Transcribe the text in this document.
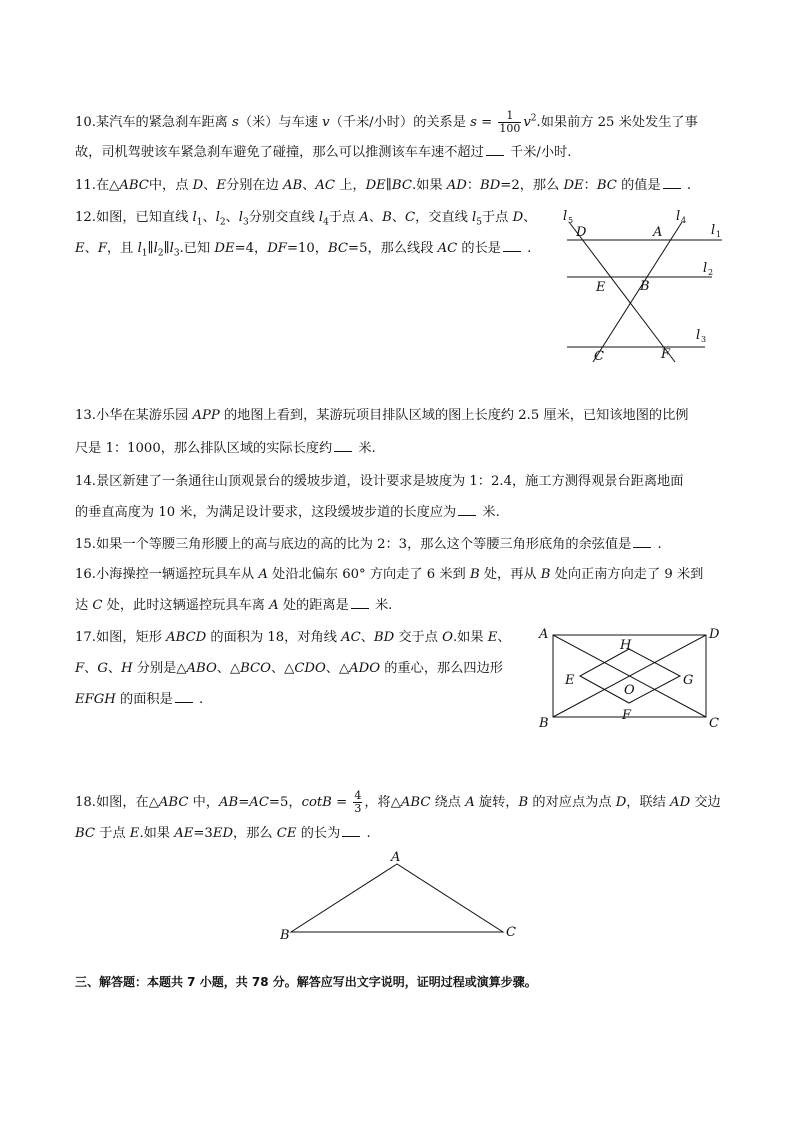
10.某汽车的紧急刹车距离 s（米）与车速 v（千米/小时）的关系是 $s = \frac{1}{100} v^2$.如果前方 25 米处发生了事
故，司机驾驶该车紧急刹车避免了碰撞，那么可以推测该车车速不超过 千米/小时.
11.在△ABC中，点 D、E分别在边 AB、AC 上，DE∥BC.如果 AD：BD=2，那么 DE：BC 的值是 .
12.如图，已知直线 $l_1$、$l_2$、$l_3$分别交直线 $l_4$于点 A、B、C，交直线 $l_5$于点 D、
E、F，且 $l_1\parallel l_2\parallel l_3$.已知 DE=4，DF=10，BC=5，那么线段 AC 的长是 .
l 5	l 4
l 1
l 2
l 3
D	A
E	B
C	F
13.小华在某游乐园 APP 的地图上看到，某游玩项目排队区域的图上长度约 2.5 厘米，已知该地图的比例
尺是 1：1000，那么排队区域的实际长度约 米.
14.景区新建了一条通往山顶观景台的缓坡步道，设计要求是坡度为 1：2.4，施工方测得观景台距离地面
的垂直高度为 10 米，为满足设计要求，这段缓坡步道的长度应为 米.
15.如果一个等腰三角形腰上的高与底边的高的比为 2：3，那么这个等腰三角形底角的余弦值是 .
16.小海操控一辆遥控玩具车从 A 处沿北偏东 60° 方向走了 6 米到 B 处，再从 B 处向正南方向走了 9 米到
达 C 处，此时这辆遥控玩具车离 A 处的距离是 米.
17.如图，矩形 ABCD 的面积为 18，对角线 AC、BD 交于点 O.如果 E、
F、G、H 分别是△ABO、△BCO、△CDO、△ADO 的重心，那么四边形
EFGH 的面积是 .
A	D
H
E
O
G
B
F
C
18.如图，在△ABC 中，AB=AC=5，$\cot B = \frac{4}{3}$ ，将△ABC 绕点 A 旋转，B 的对应点为点 D，联结 AD 交边
BC 于点 E.如果 AE=3ED，那么 CE 的长为 .
A
B	C
三、解答题：本题共 7 小题，共 78 分。解答应写出文字说明，证明过程或演算步骤。
